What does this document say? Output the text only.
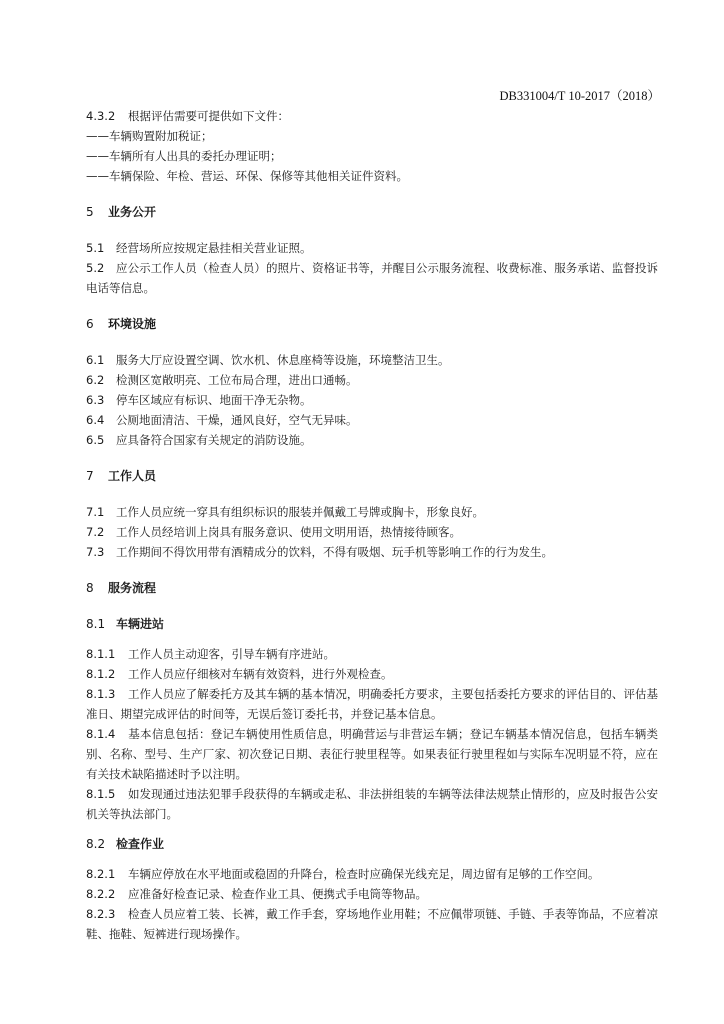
DB331004/T 10-2017（2018）

4.3.2 根据评估需要可提供如下文件：

——车辆购置附加税证；
——车辆所有人出具的委托办理证明；
——车辆保险、年检、营运、环保、保修等其他相关证件资料。
5 业务公开

5.1 经营场所应按规定悬挂相关营业证照。

5.2 应公示工作人员（检查人员）的照片、资格证书等，并醒目公示服务流程、收费标准、服务承诺、监督投诉电话等信息。

6 环境设施

6.1 服务大厅应设置空调、饮水机、休息座椅等设施，环境整洁卫生。

6.2 检测区宽敞明亮、工位布局合理，进出口通畅。

6.3 停车区域应有标识、地面干净无杂物。

6.4 公厕地面清洁、干燥，通风良好，空气无异味。

6.5 应具备符合国家有关规定的消防设施。

7 工作人员

7.1 工作人员应统一穿具有组织标识的服装并佩戴工号牌或胸卡，形象良好。

7.2 工作人员经培训上岗具有服务意识、使用文明用语，热情接待顾客。

7.3 工作期间不得饮用带有酒精成分的饮料，不得有吸烟、玩手机等影响工作的行为发生。

8 服务流程
8.1 车辆进站

8.1.1 工作人员主动迎客，引导车辆有序进站。

8.1.2 工作人员应仔细核对车辆有效资料，进行外观检查。

8.1.3 工作人员应了解委托方及其车辆的基本情况，明确委托方要求，主要包括委托方要求的评估目的、评估基准日、期望完成评估的时间等，无误后签订委托书，并登记基本信息。

8.1.4 基本信息包括：登记车辆使用性质信息，明确营运与非营运车辆；登记车辆基本情况信息，包括车辆类别、名称、型号、生产厂家、初次登记日期、表征行驶里程等。如果表征行驶里程如与实际车况明显不符，应在有关技术缺陷描述时予以注明。

8.1.5 如发现通过违法犯罪手段获得的车辆或走私、非法拼组装的车辆等法律法规禁止情形的，应及时报告公安机关等执法部门。

8.2 检查作业

8.2.1 车辆应停放在水平地面或稳固的升降台，检查时应确保光线充足，周边留有足够的工作空间。

8.2.2 应准备好检查记录、检查作业工具、便携式手电筒等物品。

8.2.3 检查人员应着工装、长裤，戴工作手套，穿场地作业用鞋；不应佩带项链、手链、手表等饰品，不应着凉鞋、拖鞋、短裤进行现场操作。
